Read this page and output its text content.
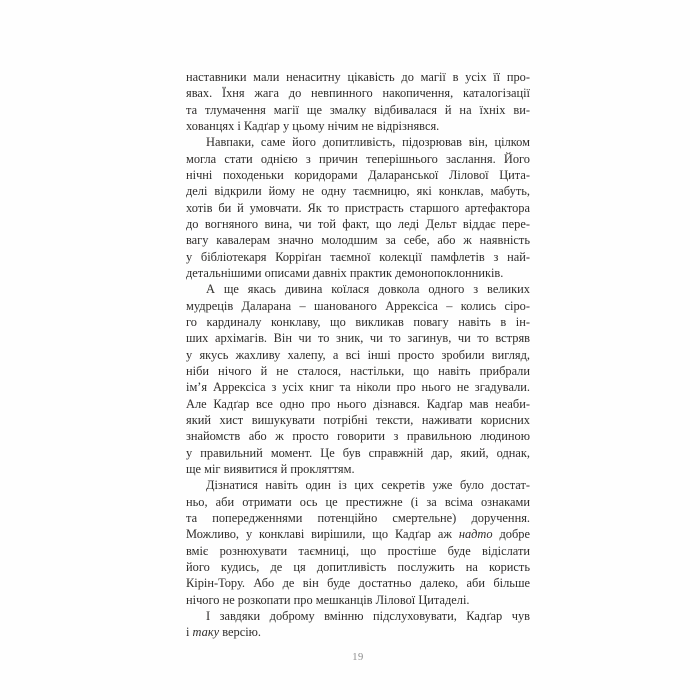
наставники мали ненаситну цікавість до магії в усіх її про-
явах. Їхня жага до невпинного накопичення, каталогізації
та тлумачення магії ще змалку відбивалася й на їхніх ви-
хованцях і Кадґар у цьому нічим не відрізнявся.
Навпаки, саме його допитливість, підозрював він, цілком
могла стати однією з причин теперішнього заслання. Його
нічні походеньки коридорами Даларанської Лілової Цита-
делі відкрили йому не одну таємницю, які конклав, мабуть,
хотів би й умовчати. Як то пристрасть старшого артефактора
до вогняного вина, чи той факт, що леді Дельт віддає пере-
вагу кавалерам значно молодшим за себе, або ж наявність
у бібліотекаря Корріґан таємної колекції памфлетів з най-
детальнішими описами давніх практик демонопоклонників.
А ще якась дивина коїлася довкола одного з великих
мудреців Даларана – шанованого Аррексіса – колись сіро-
го кардиналу конклаву, що викликав повагу навіть в ін-
ших архімагів. Він чи то зник, чи то загинув, чи то встряв
у якусь жахливу халепу, а всі інші просто зробили вигляд,
ніби нічого й не сталося, настільки, що навіть прибрали
ім’я Аррексіса з усіх книг та ніколи про нього не згадували.
Але Кадґар все одно про нього дізнався. Кадґар мав неаби-
який хист вишукувати потрібні тексти, наживати корисних
знайомств або ж просто говорити з правильною людиною
у правильний момент. Це був справжній дар, який, однак,
ще міг виявитися й прокляттям.
Дізнатися навіть один із цих секретів уже було достат-
ньо, аби отримати ось це престижне (і за всіма ознаками
та попередженнями потенційно смертельне) доручення.
Можливо, у конклаві вирішили, що Кадґар аж надто добре
вміє рознюхувати таємниці, що простіше буде відіслати
його кудись, де ця допитливість послужить на користь
Кірін-Тору. Або де він буде достатньо далеко, аби більше
нічого не розкопати про мешканців Лілової Цитаделі.
І завдяки доброму вмінню підслуховувати, Кадґар чув
і таку версію.
19
